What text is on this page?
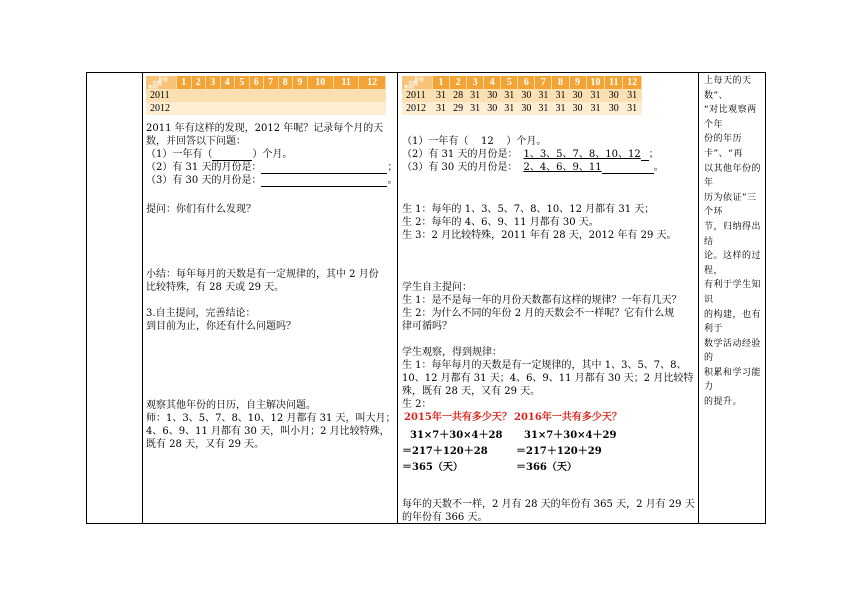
月份
天数
年份	1	2	3	4	5	6	7	8	9	10	11	12
2011												
2012												
月份
天数
年份	1	2	3	4	5	6	7	8	9	10	11	12
2011	31	28	31	30	31	30	31	31	30	31	30	31
2012	31	29	31	30	31	30	31	31	30	31	30	31
2011 年有这样的发现，2012 年呢？记录每个月的天
数，并回答以下问题：
（1）一年有（	）个月。
（2）有 31 天的月份是：	；
（3）有 30 天的月份是：	。
提问：你们有什么发现？
小结：每年每月的天数是有一定规律的，其中 2 月份
比较特殊，有 28 天或 29 天。
3.自主提问，完善结论：
到目前为止，你还有什么问题吗？
观察其他年份的日历，自主解决问题。
师：1、3、5、7、8、10、12 月都有 31 天，叫大月；
4、6、9、11 月都有 30 天，叫小月；2 月比较特殊，
既有 28 天，又有 29 天。
（1）一年有（ 12 ）个月。
（2）有 31 天的月份是： 1、3、5、7、8、10、12 ；
（3）有 30 天的月份是： 2、4、6、9、11	。
生 1：每年的 1、3、5、7、8、10、12 月都有 31 天；
生 2：每年的 4、6、9、11 月都有 30 天。
生 3：2 月比较特殊，2011 年有 28 天，2012 年有 29 天。
学生自主提问：
生 1：是不是每一年的月份天数都有这样的规律？一年有几天？
生 2：为什么不同的年份 2 月的天数会不一样呢？它有什么规
律可循吗？
学生观察，得到规律：
生 1：每年每月的天数是有一定规律的，其中 1、3、5、7、8、
10、12 月都有 31 天；4、6、9、11 月都有 30 天；2 月比较特
殊，既有 28 天，又有 29 天。
生 2：
2015年一共有多少天？ 2016年一共有多少天？
31×7＋30×4＋28
＝217＋120＋28
＝365（天）
31×7＋30×4＋29
＝217＋120＋29
＝366（天）
每年的天数不一样，2 月有 28 天的年份有 365 天，2 月有 29 天
的年份有 366 天。
上每天的天数”、
“对比观察两个年
份的年历卡”、“再
以其他年份的年
历为依证”三个环
节，归纳得出结
论。这样的过程，
有利于学生知识
的构建，也有利于
数学活动经验的
积累和学习能力
的提升。
